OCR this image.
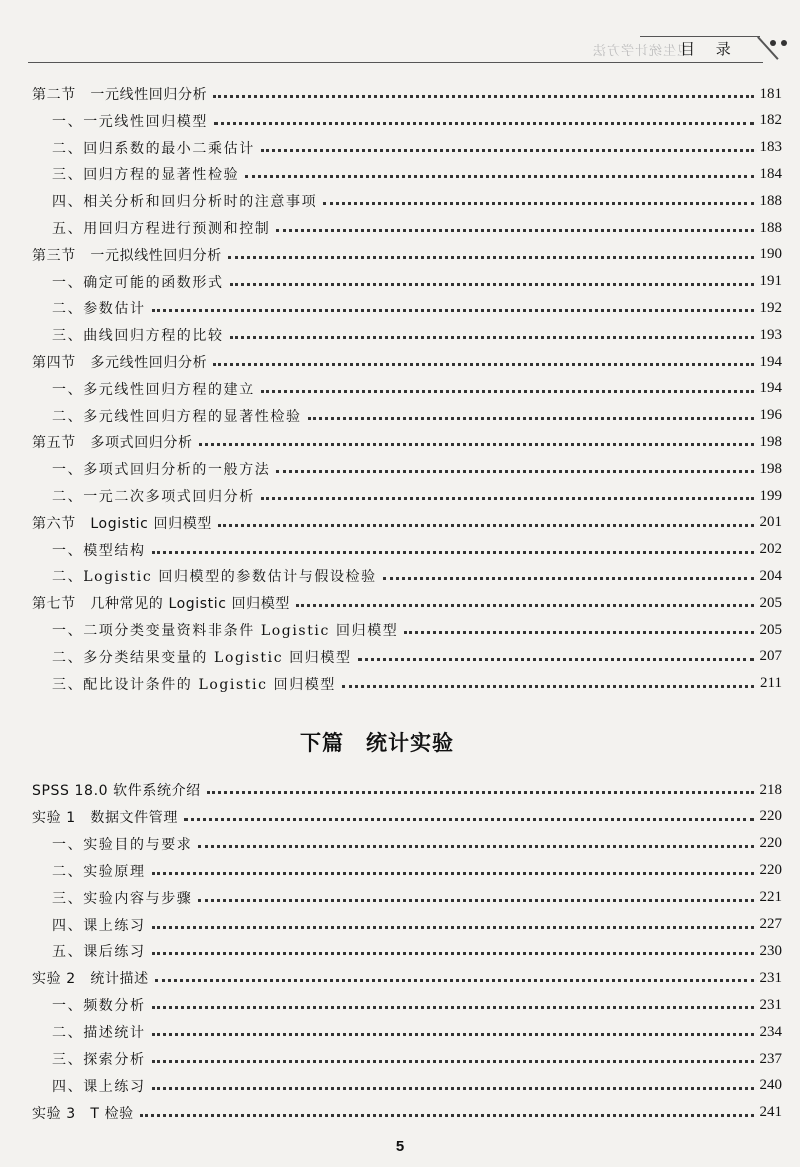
卫生统计学方法
目 录
第二节　一元线性回归分析	181
一、一元线性回归模型	182
二、回归系数的最小二乘估计	183
三、回归方程的显著性检验	184
四、相关分析和回归分析时的注意事项	188
五、用回归方程进行预测和控制	188
第三节　一元拟线性回归分析	190
一、确定可能的函数形式	191
二、参数估计	192
三、曲线回归方程的比较	193
第四节　多元线性回归分析	194
一、多元线性回归方程的建立	194
二、多元线性回归方程的显著性检验	196
第五节　多项式回归分析	198
一、多项式回归分析的一般方法	198
二、一元二次多项式回归分析	199
第六节　Logistic 回归模型	201
一、模型结构	202
二、Logistic 回归模型的参数估计与假设检验	204
第七节　几种常见的 Logistic 回归模型	205
一、二项分类变量资料非条件 Logistic 回归模型	205
二、多分类结果变量的 Logistic 回归模型	207
三、配比设计条件的 Logistic 回归模型	211
SPSS 18.0 软件系统介绍	218
实验 1　数据文件管理	220
一、实验目的与要求	220
二、实验原理	220
三、实验内容与步骤	221
四、课上练习	227
五、课后练习	230
实验 2　统计描述	231
一、频数分析	231
二、描述统计	234
三、探索分析	237
四、课上练习	240
实验 3　T 检验	241
下篇　统计实验
5
